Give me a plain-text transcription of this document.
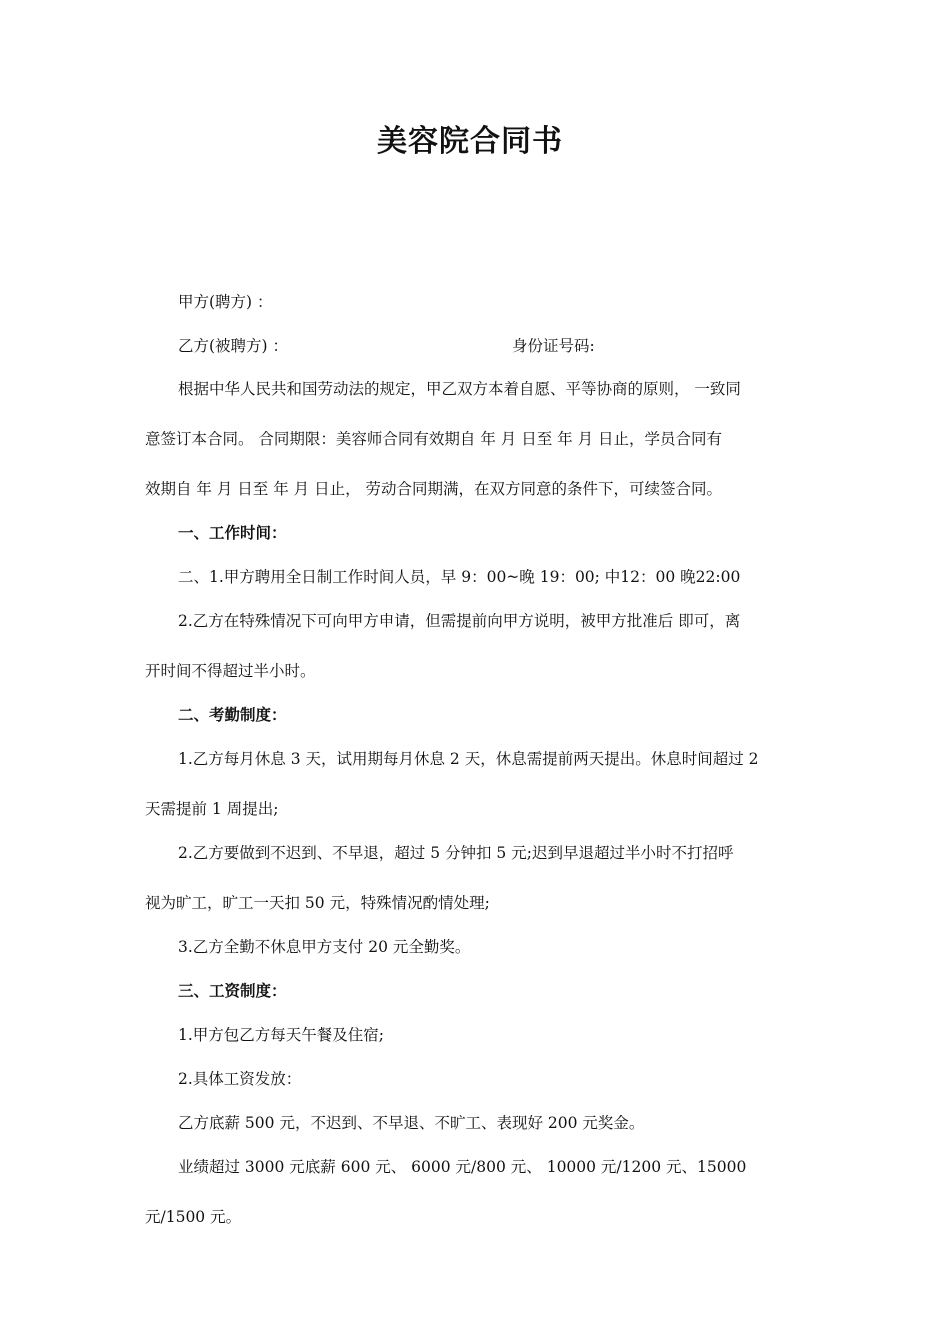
美容院合同书
甲方(聘方) ：
乙方(被聘方) ：	身份证号码:
根据中华人民共和国劳动法的规定，甲乙双方本着自愿、平等协商的原则， 一致同
意签订本合同。 合同期限：美容师合同有效期自 年 月 日至 年 月 日止，学员合同有
效期自 年 月 日至 年 月 日止， 劳动合同期满，在双方同意的条件下，可续签合同。
一、工作时间：
二、1.甲方聘用全日制工作时间人员，早 9：00~晚 19：00; 中12：00 晚22:00
2.乙方在特殊情况下可向甲方申请，但需提前向甲方说明，被甲方批准后 即可，离
开时间不得超过半小时。
二、考勤制度：
1.乙方每月休息 3 天，试用期每月休息 2 天，休息需提前两天提出。休息时间超过 2
天需提前 1 周提出;
2.乙方要做到不迟到、不早退，超过 5 分钟扣 5 元;迟到早退超过半小时不打招呼
视为旷工，旷工一天扣 50 元，特殊情况酌情处理;
3.乙方全勤不休息甲方支付 20 元全勤奖。
三、工资制度：
1.甲方包乙方每天午餐及住宿;
2.具体工资发放：
乙方底薪 500 元，不迟到、不早退、不旷工、表现好 200 元奖金。
业绩超过 3000 元底薪 600 元、 6000 元/800 元、 10000 元/1200 元、15000
元/1500 元。
